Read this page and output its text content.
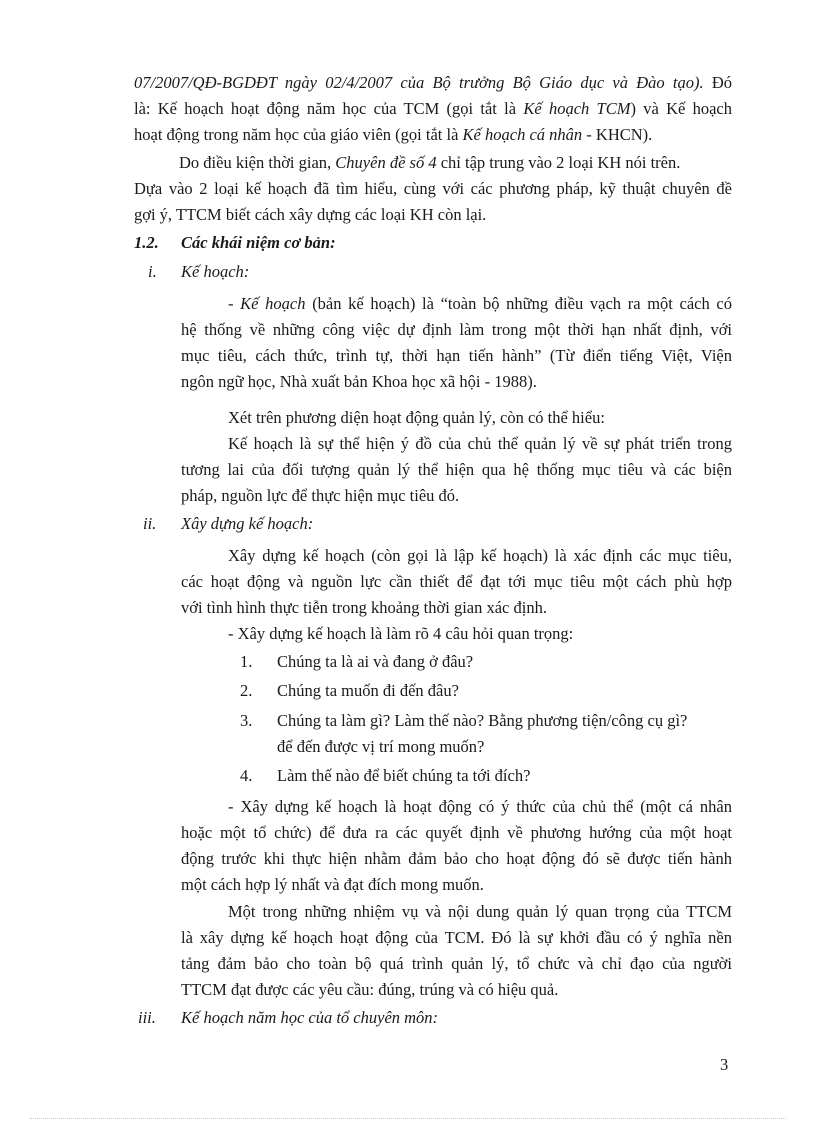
07/2007/QĐ-BGDĐT ngày 02/4/2007 của Bộ trưởng Bộ Giáo dục và Đào tạo). Đó
là: Kế hoạch hoạt động năm học của TCM (gọi tắt là Kế hoạch TCM) và Kế hoạch
hoạt động trong năm học của giáo viên (gọi tắt là Kế hoạch cá nhân - KHCN).
Do điều kiện thời gian, Chuyên đề số 4 chỉ tập trung vào 2 loại KH nói trên.
Dựa vào 2 loại kế hoạch đã tìm hiểu, cùng với các phương pháp, kỹ thuật chuyên đề
gợi ý, TTCM biết cách xây dựng các loại KH còn lại.
1.2. Các khái niệm cơ bản:
i. Kế hoạch:
- Kế hoạch (bản kế hoạch) là “toàn bộ những điều vạch ra một cách có
hệ thống về những công việc dự định làm trong một thời hạn nhất định, với
mục tiêu, cách thức, trình tự, thời hạn tiến hành” (Từ điển tiếng Việt, Viện
ngôn ngữ học, Nhà xuất bản Khoa học xã hội - 1988).
Xét trên phương diện hoạt động quản lý, còn có thể hiểu:
Kế hoạch là sự thể hiện ý đồ của chủ thể quản lý về sự phát triển trong
tương lai của đối tượng quản lý thể hiện qua hệ thống mục tiêu và các biện
pháp, nguồn lực để thực hiện mục tiêu đó.
ii. Xây dựng kế hoạch:
Xây dựng kế hoạch (còn gọi là lập kế hoạch) là xác định các mục tiêu,
các hoạt động và nguồn lực cần thiết để đạt tới mục tiêu một cách phù hợp
với tình hình thực tiễn trong khoảng thời gian xác định.
- Xây dựng kế hoạch là làm rõ 4 câu hỏi quan trọng:
1. Chúng ta là ai và đang ở đâu?
2. Chúng ta muốn đi đến đâu?
3. Chúng ta làm gì? Làm thế nào? Bằng phương tiện/công cụ gì?
để đến được vị trí mong muốn?
4. Làm thế nào để biết chúng ta tới đích?
- Xây dựng kế hoạch là hoạt động có ý thức của chủ thể (một cá nhân
hoặc một tổ chức) để đưa ra các quyết định về phương hướng của một hoạt
động trước khi thực hiện nhằm đảm bảo cho hoạt động đó sẽ được tiến hành
một cách hợp lý nhất và đạt đích mong muốn.
Một trong những nhiệm vụ và nội dung quản lý quan trọng của TTCM
là xây dựng kế hoạch hoạt động của TCM. Đó là sự khởi đầu có ý nghĩa nền
tảng đảm bảo cho toàn bộ quá trình quản lý, tổ chức và chỉ đạo của người
TTCM đạt được các yêu cầu: đúng, trúng và có hiệu quả.
iii. Kế hoạch năm học của tổ chuyên môn:
3
